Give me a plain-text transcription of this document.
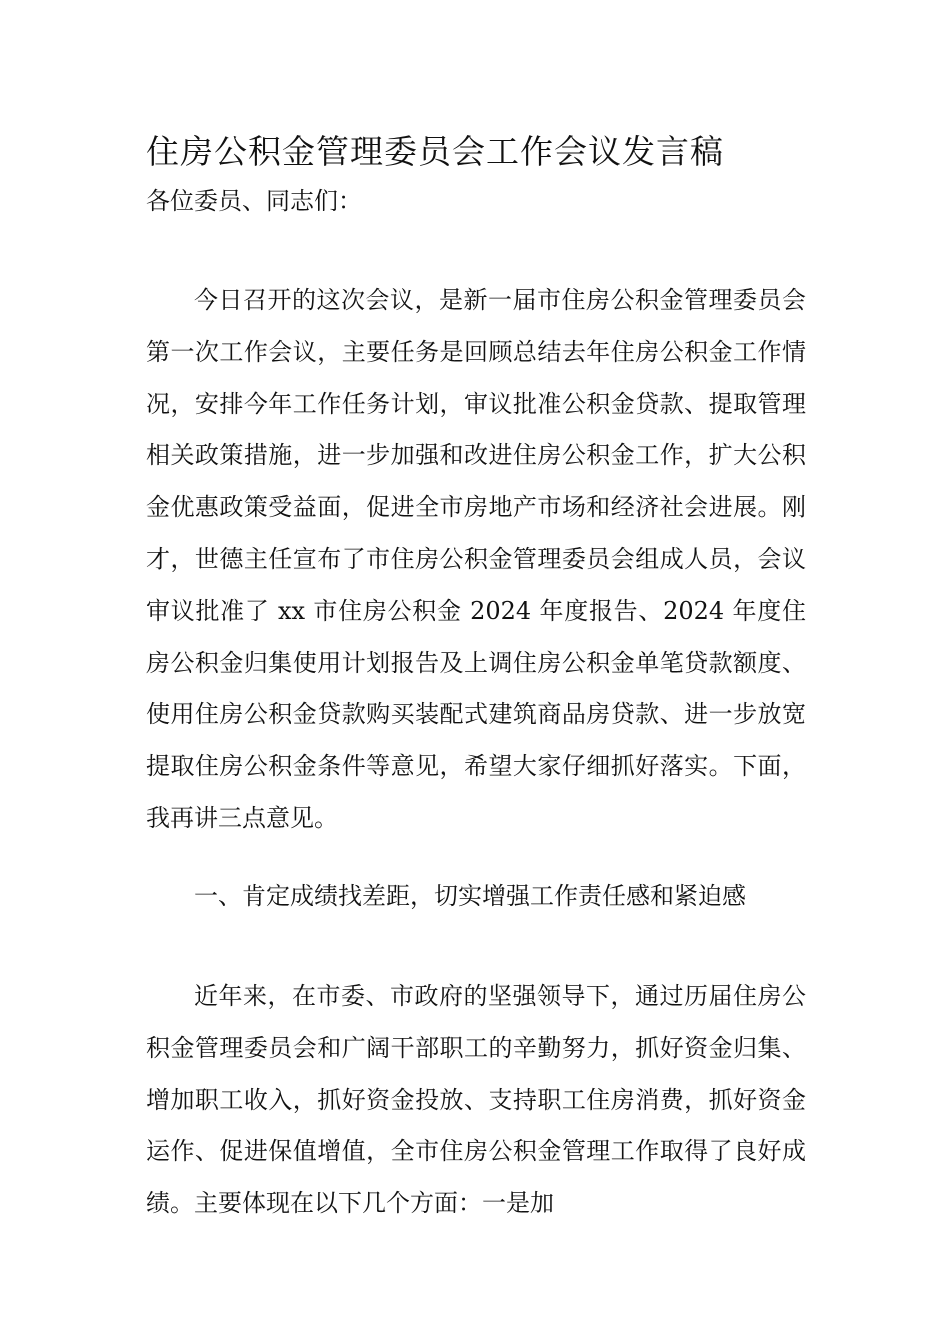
住房公积金管理委员会工作会议发言稿

各位委员、同志们：

今日召开的这次会议，是新一届市住房公积金管理委员会第一次工作会议，主要任务是回顾总结去年住房公积金工作情况，安排今年工作任务计划，审议批准公积金贷款、提取管理相关政策措施，进一步加强和改进住房公积金工作，扩大公积金优惠政策受益面，促进全市房地产市场和经济社会进展。刚才，世德主任宣布了市住房公积金管理委员会组成人员，会议审议批准了 xx 市住房公积金 2024 年度报告、2024 年度住房公积金归集使用计划报告及上调住房公积金单笔贷款额度、使用住房公积金贷款购买装配式建筑商品房贷款、进一步放宽提取住房公积金条件等意见，希望大家仔细抓好落实。下面，我再讲三点意见。

一、肯定成绩找差距，切实增强工作责任感和紧迫感

近年来，在市委、市政府的坚强领导下，通过历届住房公积金管理委员会和广阔干部职工的辛勤努力，抓好资金归集、增加职工收入，抓好资金投放、支持职工住房消费，抓好资金运作、促进保值增值，全市住房公积金管理工作取得了良好成绩。主要体现在以下几个方面：一是加
